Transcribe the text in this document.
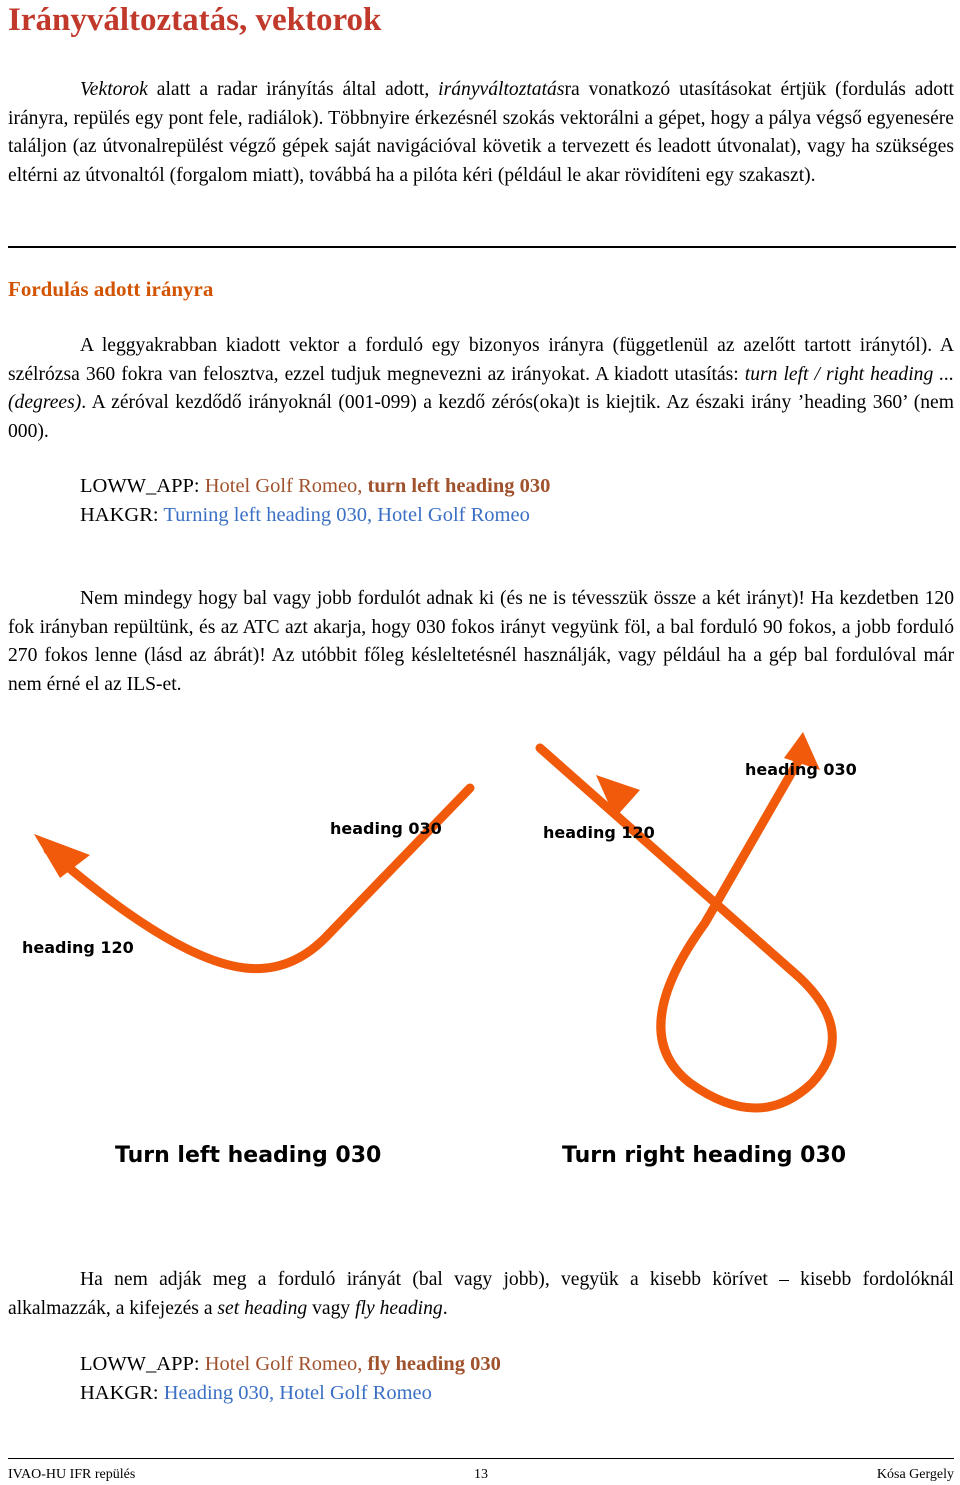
Irányváltoztatás, vektorok

Vektorok alatt a radar irányítás által adott, irányváltoztatásra vonatkozó utasításokat értjük (fordulás adott irányra, repülés egy pont fele, radiálok). Többnyire érkezésnél szokás vektorálni a gépet, hogy a pálya végső egyenesére találjon (az útvonalrepülést végző gépek saját navigációval követik a tervezett és leadott útvonalat), vagy ha szükséges eltérni az útvonaltól (forgalom miatt), továbbá ha a pilóta kéri (például le akar rövidíteni egy szakaszt).

Fordulás adott irányra

A leggyakrabban kiadott vektor a forduló egy bizonyos irányra (függetlenül az azelőtt tartott iránytól). A szélrózsa 360 fokra van felosztva, ezzel tudjuk megnevezni az irányokat. A kiadott utasítás: turn left / right heading ... (degrees). A zéróval kezdődő irányoknál (001-099) a kezdő zérós(oka)t is kiejtik. Az északi irány ’heading 360’ (nem 000).

LOWW_APP: Hotel Golf Romeo, turn left heading 030
HAKGR: Turning left heading 030, Hotel Golf Romeo

Nem mindegy hogy bal vagy jobb fordulót adnak ki (és ne is tévesszük össze a két irányt)! Ha kezdetben 120 fok irányban repültünk, és az ATC azt akarja, hogy 030 fokos irányt vegyünk föl, a bal forduló 90 fokos, a jobb forduló 270 fokos lenne (lásd az ábrát)! Az utóbbit főleg késleltetésnél használják, vagy például ha a gép bal fordulóval már nem érné el az ILS-et.

heading 120
heading 030
Turn left heading 030
heading 120
heading 030
Turn right heading 030

Ha nem adják meg a forduló irányát (bal vagy jobb), vegyük a kisebb körívet – kisebb fordolóknál alkalmazzák, a kifejezés a set heading vagy fly heading.

LOWW_APP: Hotel Golf Romeo, fly heading 030
HAKGR: Heading 030, Hotel Golf Romeo
IVAO-HU IFR repülés	13	Kósa Gergely
